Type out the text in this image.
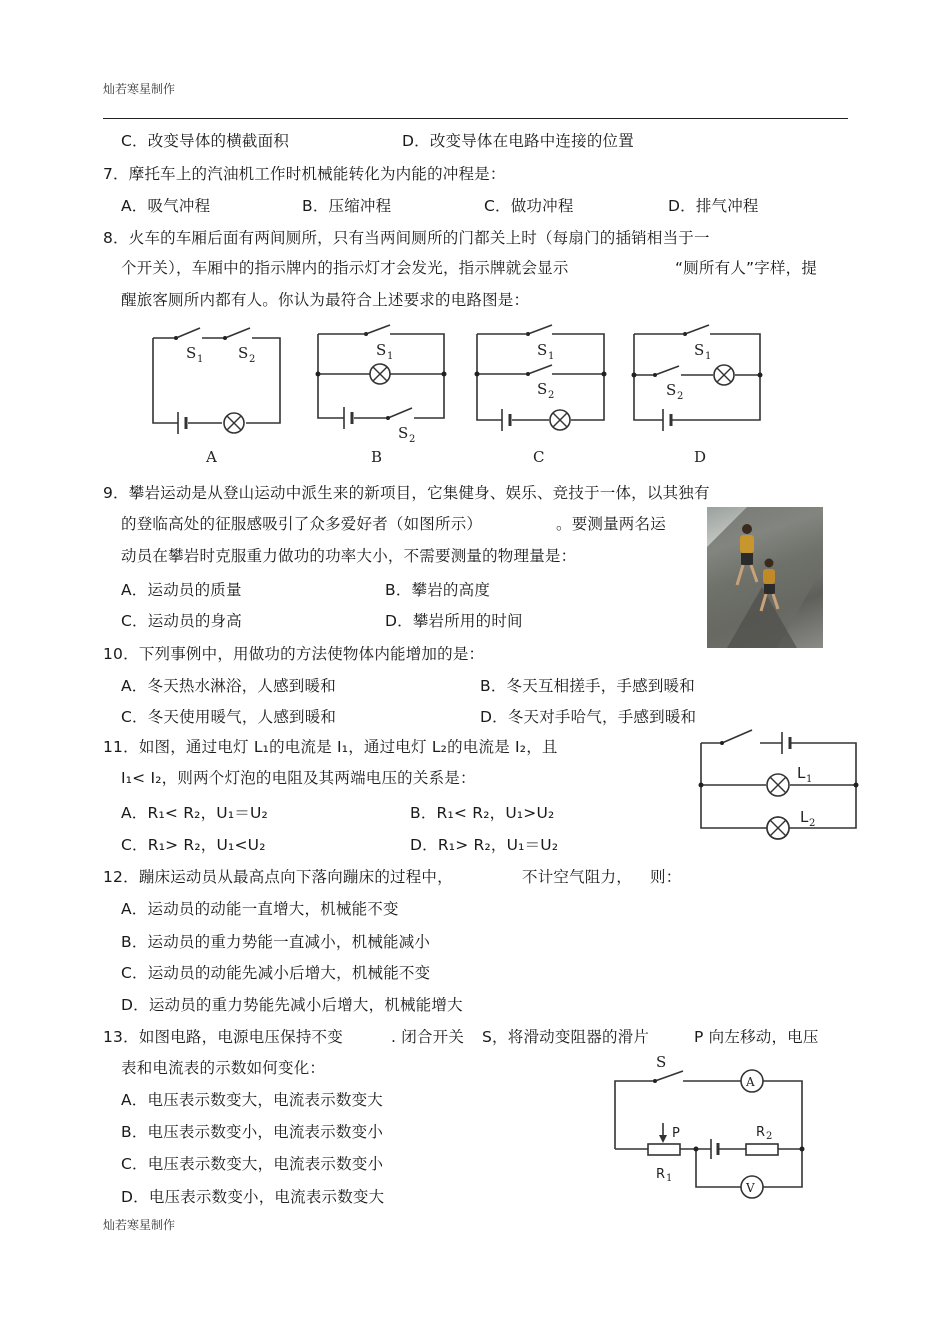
灿若寒星制作
C．改变导体的横截面积	D．改变导体在电路中连接的位置
7．摩托车上的汽油机工作时机械能转化为内能的冲程是：
A．吸气冲程	B．压缩冲程	C．做功冲程	D．排气冲程
8．火车的车厢后面有两间厕所，只有当两间厕所的门都关上时（每扇门的插销相当于一
个开关），车厢中的指示牌内的指示灯才会发光，指示牌就会显示	“厕所有人”字样，提
醒旅客厕所内都有人。你认为最符合上述要求的电路图是：
S 1 S 2
S 1
S 2
S 1
S 2
S 1
S 2
A	B	C	D
9．攀岩运动是从登山运动中派生来的新项目，它集健身、娱乐、竞技于一体，以其独有
的登临高处的征服感吸引了众多爱好者（如图所示）	。要测量两名运
动员在攀岩时克服重力做功的功率大小，不需要测量的物理量是：
A．运动员的质量	B．攀岩的高度
C．运动员的身高	D．攀岩所用的时间
10．下列事例中，用做功的方法使物体内能增加的是：
A．冬天热水淋浴，人感到暖和	B．冬天互相搓手，手感到暖和
C．冬天使用暖气，人感到暖和	D．冬天对手哈气，手感到暖和
11．如图，通过电灯 L₁的电流是 I₁，通过电灯 L₂的电流是 I₂，且
I₁< I₂，则两个灯泡的电阻及其两端电压的关系是：
A．R₁< R₂，U₁＝U₂	B．R₁< R₂，U₁>U₂
C．R₁> R₂，U₁<U₂	D．R₁> R₂，U₁＝U₂
L 1
L 2
12．蹦床运动员从最高点向下落向蹦床的过程中，	不计空气阻力， 则：
A．运动员的动能一直增大，机械能不变
B．运动员的重力势能一直减小，机械能减小
C．运动员的动能先减小后增大，机械能不变
D．运动员的重力势能先减小后增大，机械能增大
13．如图电路，电源电压保持不变	. 闭合开关 S，将滑动变阻器的滑片	P 向左移动，电压
表和电流表的示数如何变化：
A．电压表示数变大，电流表示数变大
B．电压表示数变小，电流表示数变小
C．电压表示数变大，电流表示数变小
D．电压表示数变小，电流表示数变大
S
A
V
P
R 1
R 2
灿若寒星制作
